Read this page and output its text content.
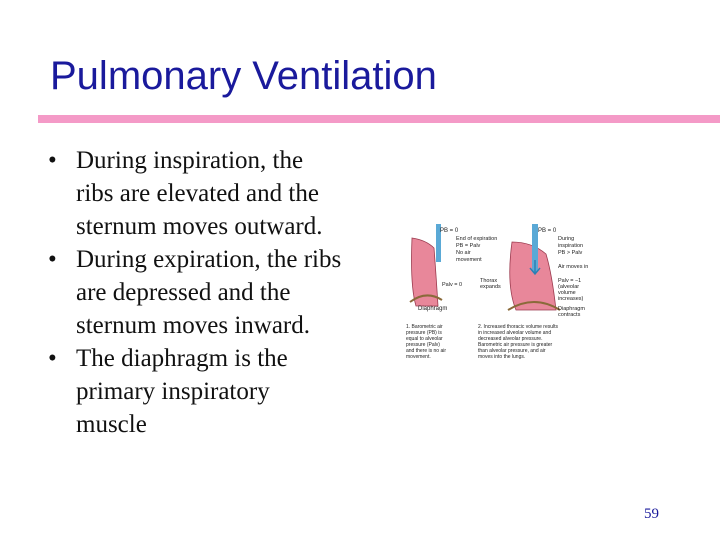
Pulmonary Ventilation
• During inspiration, the ribs are elevated and the sternum moves outward.
• During expiration, the ribs are depressed and the sternum moves inward.
• The diaphragm is the primary inspiratory muscle
PB = 0
End of expiration
PB = Palv
No air
movement
Palv = 0
Diaphragm
1. Barometric air
pressure (PB) is
equal to alveolar
pressure (Palv)
and there is no air
movement.
PB = 0
During
inspiration
PB > Palv
Air moves in
Thorax
expands
Palv = −1
(alveolar
volume
increases)
Diaphragm
contracts
2. Increased thoracic volume results
in increased alveolar volume and
decreased alveolar pressure.
Barometric air pressure is greater
than alveolar pressure, and air
moves into the lungs.
59
